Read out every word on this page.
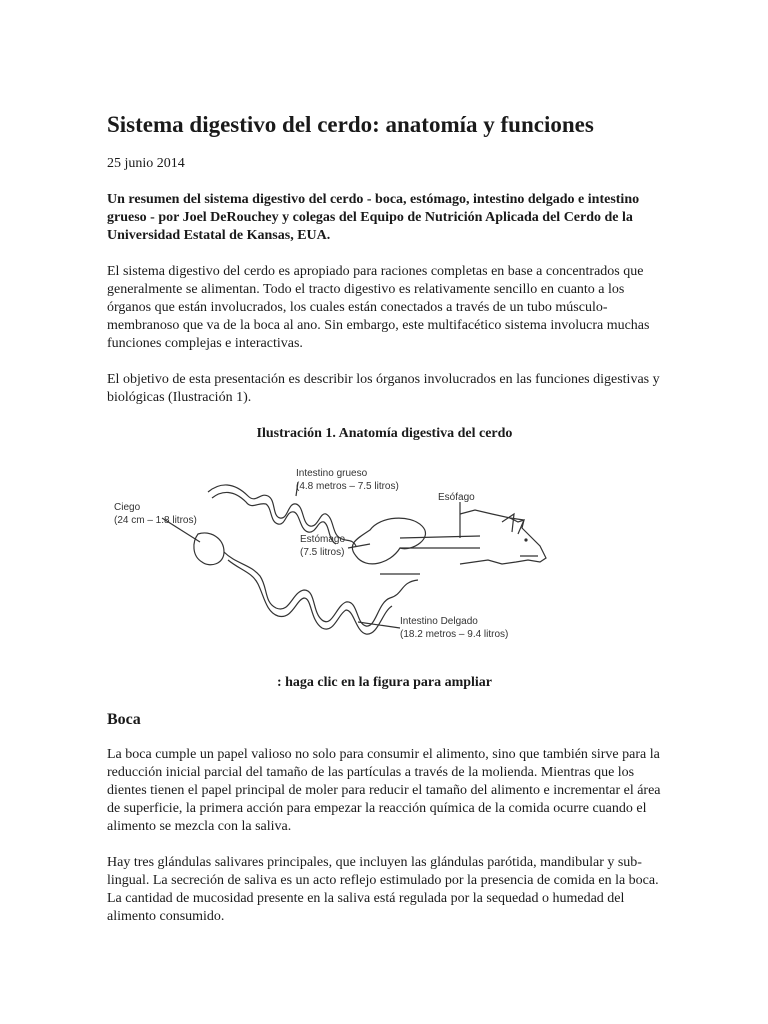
Sistema digestivo del cerdo: anatomía y funciones
25 junio 2014

Un resumen del sistema digestivo del cerdo - boca, estómago, intestino delgado e intestino grueso - por Joel DeRouchey y colegas del Equipo de Nutrición Aplicada del Cerdo de la Universidad Estatal de Kansas, EUA.

El sistema digestivo del cerdo es apropiado para raciones completas en base a concentrados que generalmente se alimentan. Todo el tracto digestivo es relativamente sencillo en cuanto a los órganos que están involucrados, los cuales están conectados a través de un tubo músculo-membranoso que va de la boca al ano. Sin embargo, este multifacético sistema involucra muchas funciones complejas e interactivas.

El objetivo de esta presentación es describir los órganos involucrados en las funciones digestivas y biológicas (Ilustración 1).

Ilustración 1. Anatomía digestiva del cerdo
Intestino grueso
(4.8 metros – 7.5 litros)
Ciego
(24 cm – 1.8 litros)
Esófago
Estómago
(7.5 litros)
Intestino Delgado
(18.2 metros – 9.4 litros)
: haga clic en la figura para ampliar
Boca

La boca cumple un papel valioso no solo para consumir el alimento, sino que también sirve para la reducción inicial parcial del tamaño de las partículas a través de la molienda. Mientras que los dientes tienen el papel principal de moler para reducir el tamaño del alimento e incrementar el área de superficie, la primera acción para empezar la reacción química de la comida ocurre cuando el alimento se mezcla con la saliva.

Hay tres glándulas salivares principales, que incluyen las glándulas parótida, mandibular y sub-lingual. La secreción de saliva es un acto reflejo estimulado por la presencia de comida en la boca. La cantidad de mucosidad presente en la saliva está regulada por la sequedad o humedad del alimento consumido.
